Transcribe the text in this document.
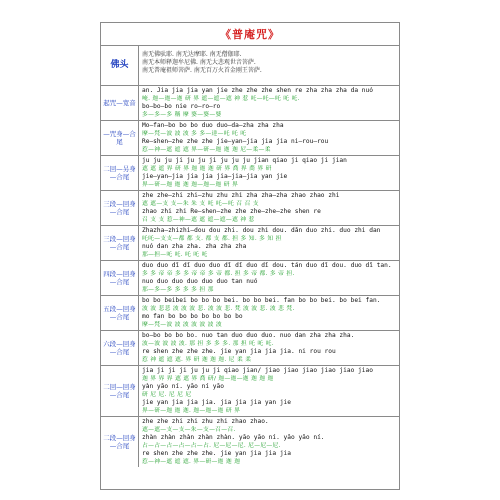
《普庵咒》
佛头
南无佛驮耶. 南无达摩耶. 南无僧伽耶.
南无本师释迦牟尼佛. 南无大悲观世音菩萨.
南无普庵祖师菩萨. 南无百万火首金刚王菩萨.
起咒—宽音
an. Jia jia jia yan jie zhe zhe zhe shen re zha zha zha da nuó
唵. 迦—迦—迦 研 界 遮—遮—遮 神 惹 吒—吒—吒 吒 吒.
bo—bo—bo nie ro—ro—ro
多—多—多 稱 摩 婆—婆—婆
—咒身—合尾
Mo—fan—bo bo bo duo duo—da—zha zha zha
摩—梵—波 波 波 多 多—達—吒 吒 吒
Re—shen—zhe zhe zhe jie—yan—jia jia jia ni—rou—rou
惹—神—遮 遮 遮 界—研—迦 迦 迦 尼—柔—柔
二回—另身—合尾
ju ju ju ji ju ju ji ju ju ju jian qiao ji qiao ji jian
遮 遮 遮 界 研 界 迦 迦 迦 研 界 喬 界 喬 界 研
jie—yan—jia jia jia jia—jia—jia yan jie
界—研—迦 迦 迦 迦—迦—迦 研 界
三段—回身—合尾
zhe zhe—zhi zhi—zhu zhu zhi zha zha—zha zhao zhao zhi
遮 遮—支 支—朱 朱 支 吒 吒—吒 召 召 支
zhao zhi zhi Re—shen—zhe zhe zhe—zhe—zhe shen re
召 支 支 惹—神—遮 遮 遮—遮—遮 神 惹
三段—回身—合尾
Zhazha—zhizhi—dou dou zhi. dou zhi dou. dǎn duo zhi. duo zhi dan
吒吒—支支—都 都 支. 都 支 都. 担 多 知. 多 知 担
nuó dan zha zha. zha zha zha
那—担—吒 吒. 吒 吒 吒
四段—回身—合尾
duo duo dǐ dǐ duo duo dǐ dǐ duo dǐ dou. tán duo dǐ dou. duo dǐ tan.
多 多 帝 帝 多 多 帝 帝 多 帝 都. 担 多 帝 都. 多 帝 担.
nuo duo duo duo duo duo tan nuó
那—多—多 多 多 多 担 那
五段—回身—合尾
bo bo beibei bo bo bo bei. bo bo bei. fan bo bo bei. bo bei fan.
波 波 悲悲 波 波 波 悲. 波 波 悲. 梵 波 波 悲. 波 悲 梵.
mo fan bo bo bo bo bo bo bo
摩—梵—波 波 波 波 波 波 波
六段—回身—合尾
bo—bo bo bo bo. nuo tan duo duo duo. nuo dan zha zha zha.
波—波 波 波 波. 那 担 多 多 多. 那 担 吒 吒 吒.
re shen zhe zhe zhe. jie yan jia jia jia. ni rou rou
惹 神 遮 遮 遮. 界 研 迦 迦 迦. 尼 柔 柔
二回—回身—合尾
jia ji ji ji ju ju ji qiao jian/ jiao jiao jiao jiao jiao jiao
迦 界 界 界 遮 遮 界 喬 研/ 迦—迦—迦 迦 迦 迦
yàn yāo ní. yāo ní yāo
研 尼 尼. 尼 尼 尼
jie yan jia jia jia. jia jia jia yan jie
界—研—迦 迦 迦. 迦—迦—迦 研 界
二段—回身—合尾
zhe zhe zhi zhi zhu zhi zhao zhao.
遮—遮—支—支—朱—支—召—召.
zhàn zhàn zhàn zhàn zhàn. yāo yāo ní. yāo yāo ní.
占—占—占—占—占—占. 尼—尼—尼. 尼—尼—尼.
re shen zhe zhe zhe. jie yan jia jia jia
惹—神—遮 遮 遮. 界—研—迦 迦 迦
